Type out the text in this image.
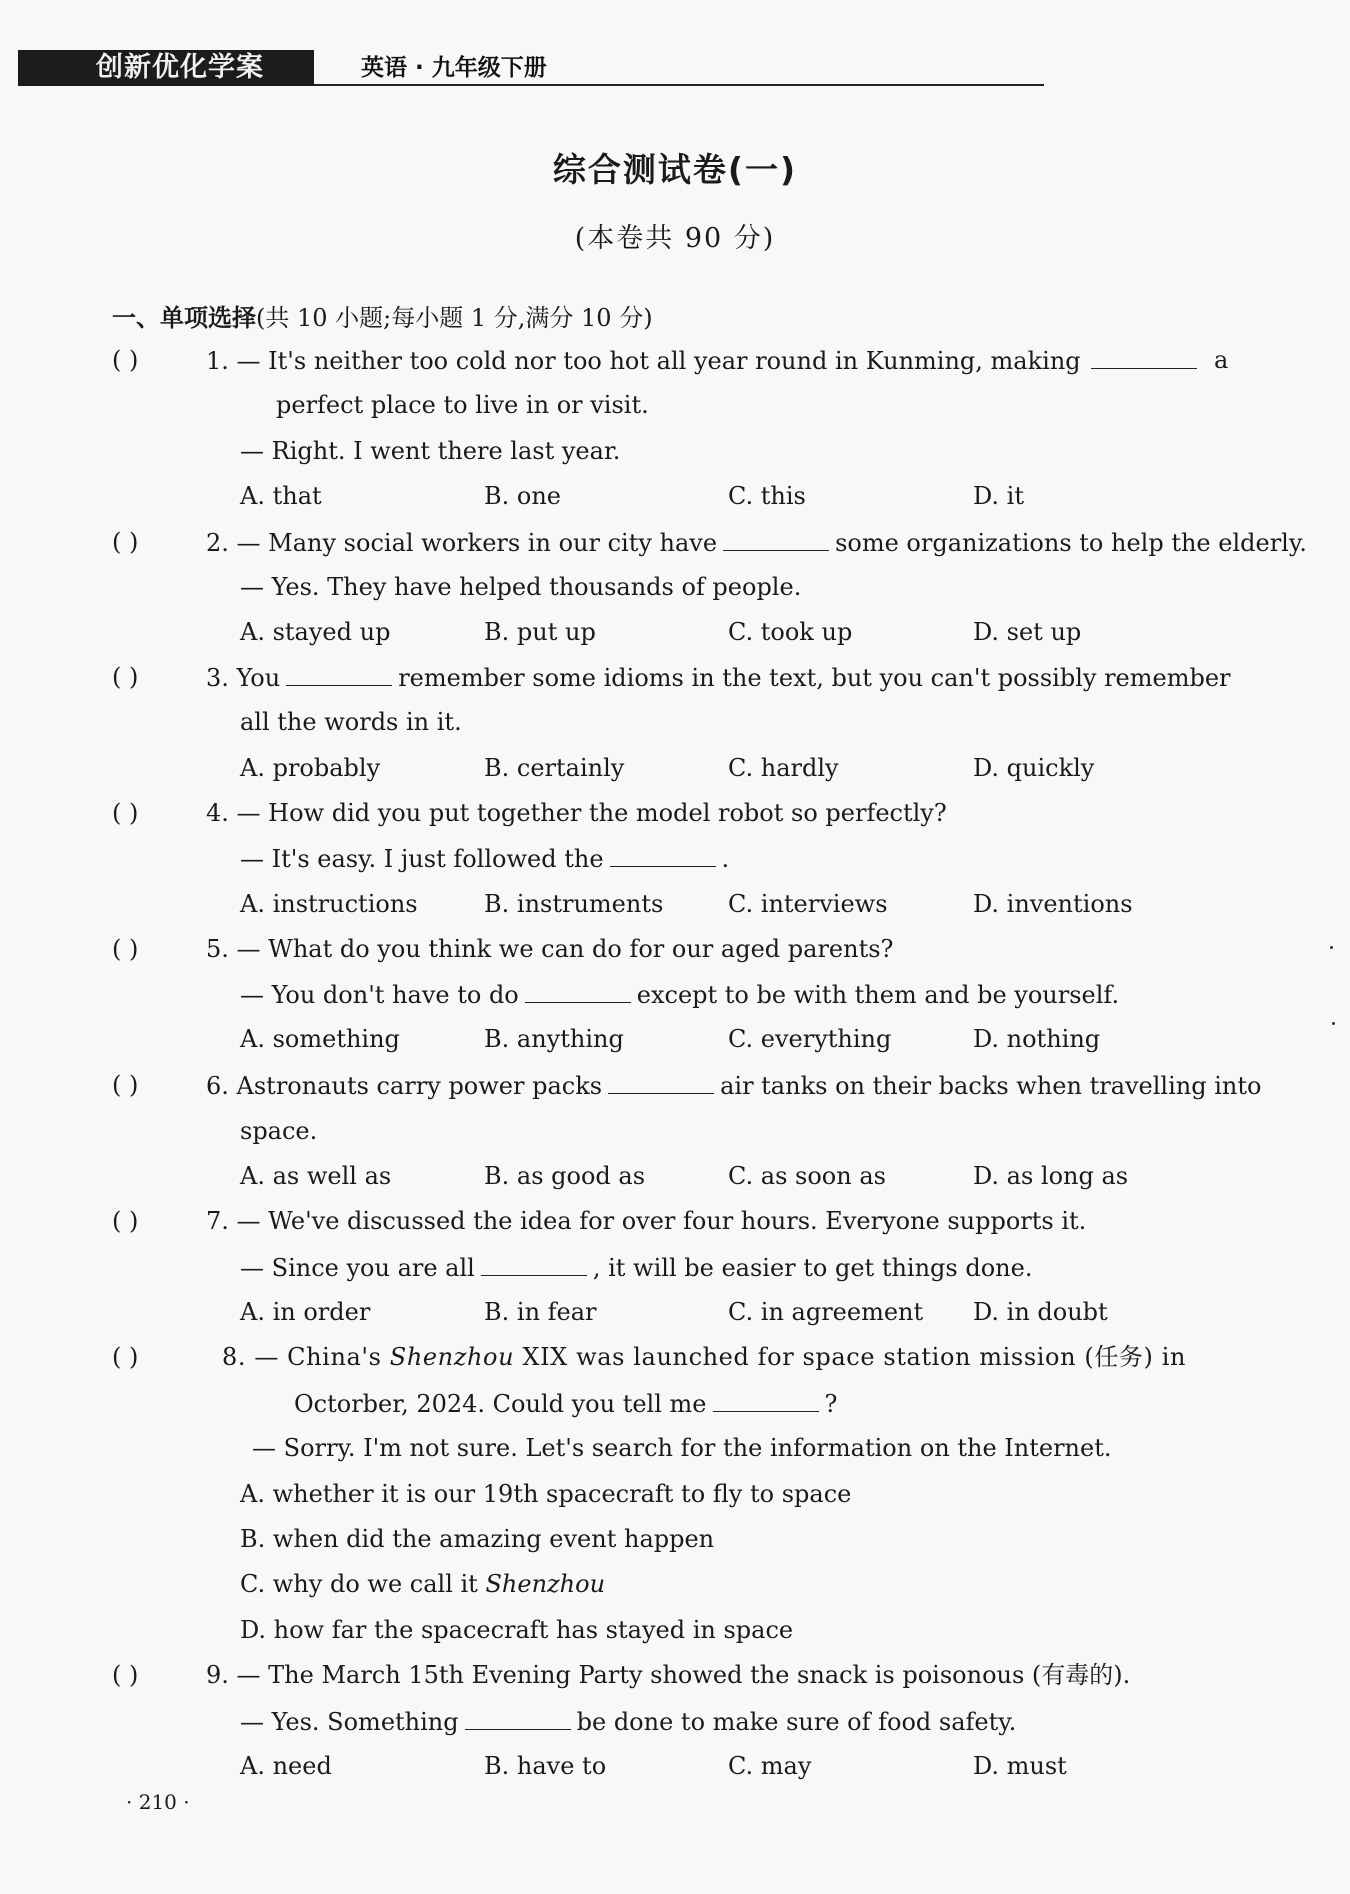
创新优化学案	英语 · 九年级下册
综合测试卷(一)
(本卷共 90 分)
一、单项选择(共 10 小题;每小题 1 分,满分 10 分)
( )	1. — It's neither too cold nor too hot all year round in Kunming, making	a
perfect place to live in or visit.
— Right. I went there last year.
A. that	B. one	C. this	D. it
( )	2. — Many social workers in our city have	some organizations to help the elderly.
— Yes. They have helped thousands of people.
A. stayed up	B. put up	C. took up	D. set up
( )	3. You	remember some idioms in the text, but you can't possibly remember
all the words in it.
A. probably	B. certainly	C. hardly	D. quickly
( )	4. — How did you put together the model robot so perfectly?
— It's easy. I just followed the	.
A. instructions	B. instruments	C. interviews	D. inventions
( )	5. — What do you think we can do for our aged parents?
— You don't have to do	except to be with them and be yourself.
A. something	B. anything	C. everything	D. nothing
( )	6. Astronauts carry power packs	air tanks on their backs when travelling into
space.
A. as well as	B. as good as	C. as soon as	D. as long as
( )	7. — We've discussed the idea for over four hours. Everyone supports it.
— Since you are all	, it will be easier to get things done.
A. in order	B. in fear	C. in agreement D. in doubt
( )	8. — China's Shenzhou XIX was launched for space station mission (任务) in
Octorber, 2024. Could you tell me	?
— Sorry. I'm not sure. Let's search for the information on the Internet.
A. whether it is our 19th spacecraft to fly to space
B. when did the amazing event happen
C. why do we call it Shenzhou
D. how far the spacecraft has stayed in space
( )	9. — The March 15th Evening Party showed the snack is poisonous (有毒的).
— Yes. Something	be done to make sure of food safety.
A. need	B. have to	C. may	D. must
· 210 ·
